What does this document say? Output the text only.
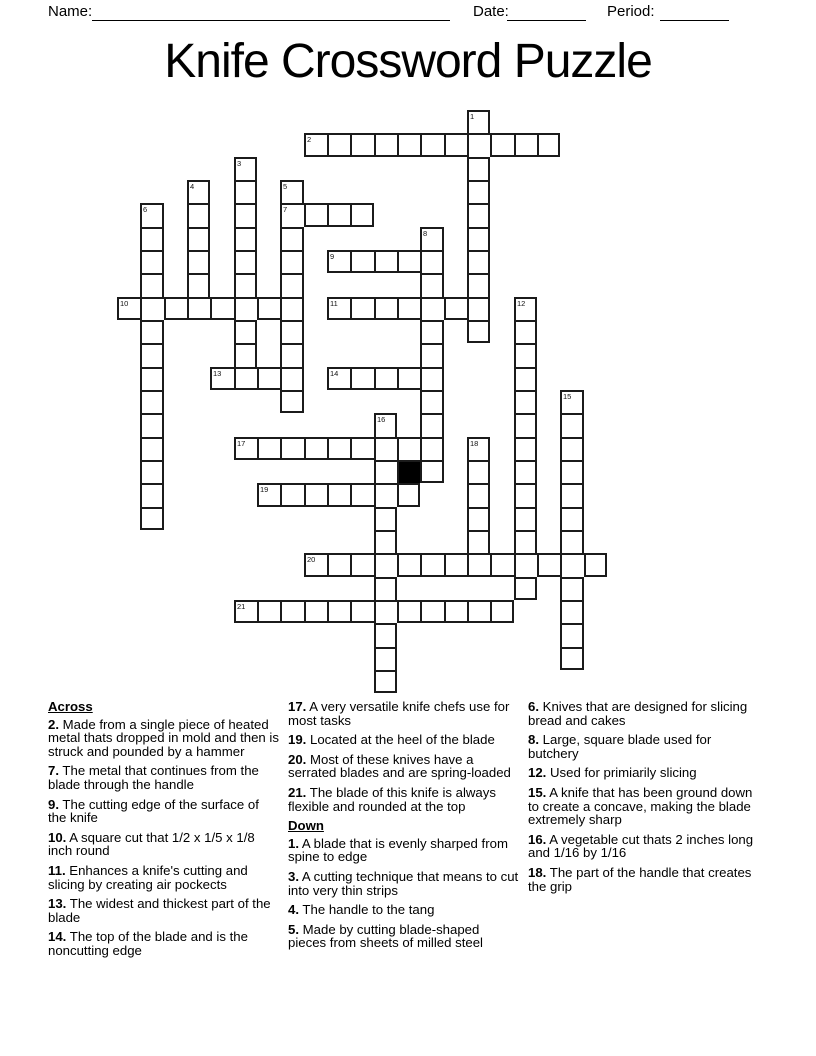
Name:	Date:	Period:
Knife Crossword Puzzle
1
2
3
4	5
6	7
8
9
10	11	12
13	14
15
16
17	18
19
20
21

Across

2. Made from a single piece of heated metal thats dropped in mold and then is struck and pounded by a hammer

7. The metal that continues from the blade through the handle

9. The cutting edge of the surface of the knife

10. A square cut that 1/2 x 1/5 x 1/8 inch round

11. Enhances a knife's cutting and slicing by creating air pockects

13. The widest and thickest part of the blade

14. The top of the blade and is the noncutting edge

17. A very versatile knife chefs use for most tasks

19. Located at the heel of the blade

20. Most of these knives have a serrated blades and are spring-loaded

21. The blade of this knife is always flexible and rounded at the top

Down

1. A blade that is evenly sharped from spine to edge

3. A cutting technique that means to cut into very thin strips

4. The handle to the tang

5. Made by cutting blade-shaped pieces from sheets of milled steel

6. Knives that are designed for slicing bread and cakes

8. Large, square blade used for butchery

12. Used for primiarily slicing

15. A knife that has been ground down to create a concave, making the blade extremely sharp

16. A vegetable cut thats 2 inches long and 1/16 by 1/16

18. The part of the handle that creates the grip
